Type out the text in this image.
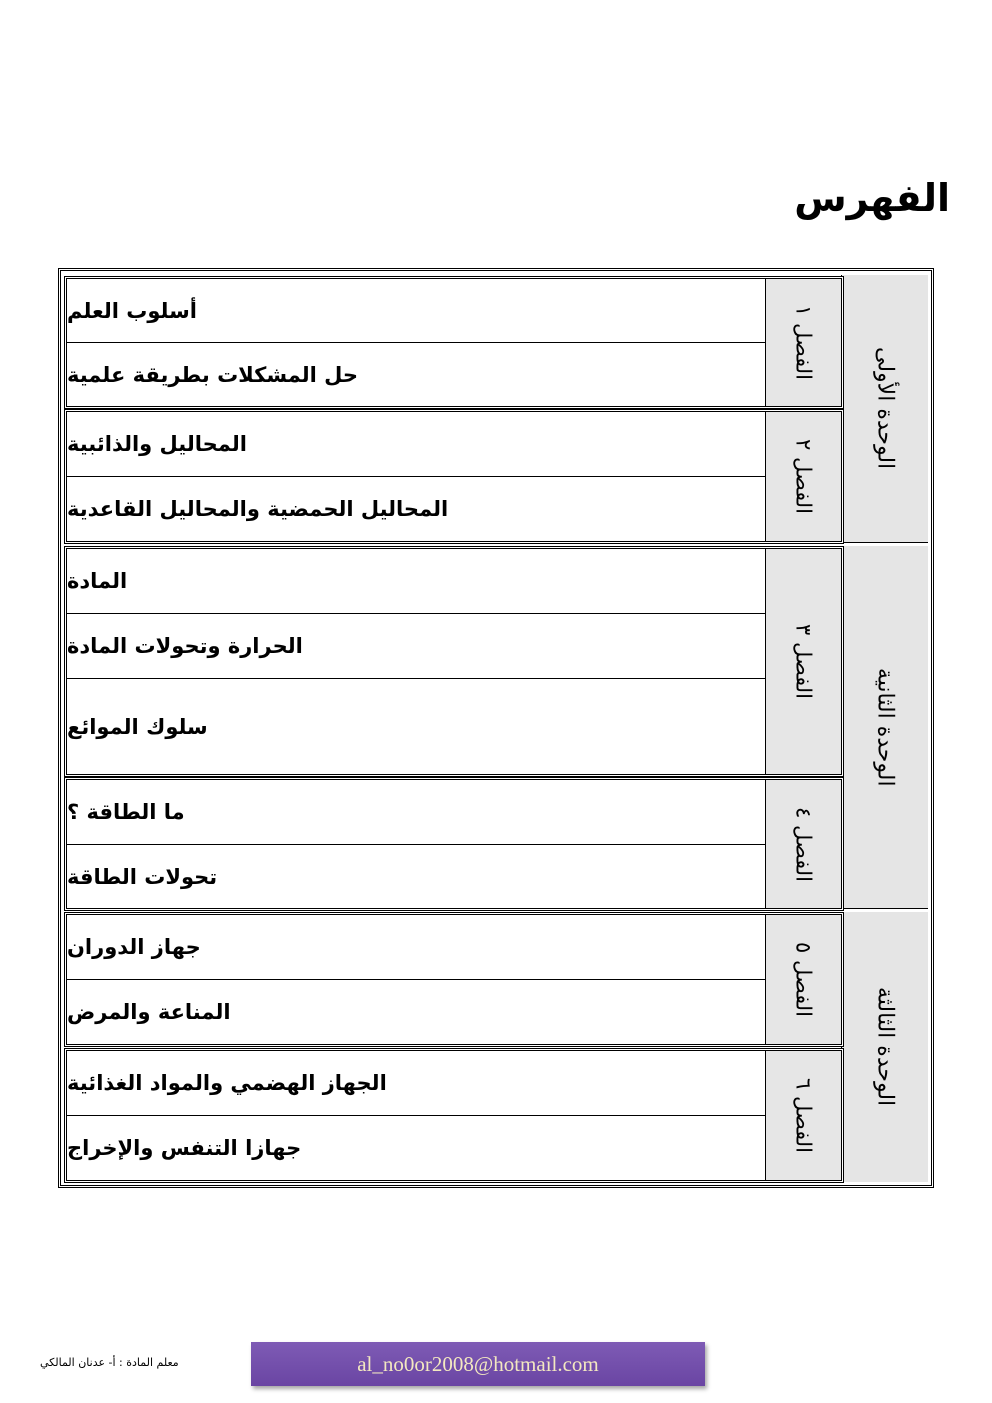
الفهرس
الوحدة الأولى
الوحدة الثانية
الوحدة الثالثة
الفصل ١
أسلوب العلم
حل المشكلات بطريقة علمية
الفصل ٢
المحاليل والذائبية
المحاليل الحمضية والمحاليل القاعدية
الفصل ٣
المادة
الحرارة وتحولات المادة
سلوك الموائع
الفصل ٤
ما الطاقة ؟
تحولات الطاقة
الفصل ٥
جهاز الدوران
المناعة والمرض
الفصل ٦
الجهاز الهضمي والمواد الغذائية
جهازا التنفس والإخراج
معلم المادة : أ- عدنان المالكي	al_no0or2008@hotmail.com
